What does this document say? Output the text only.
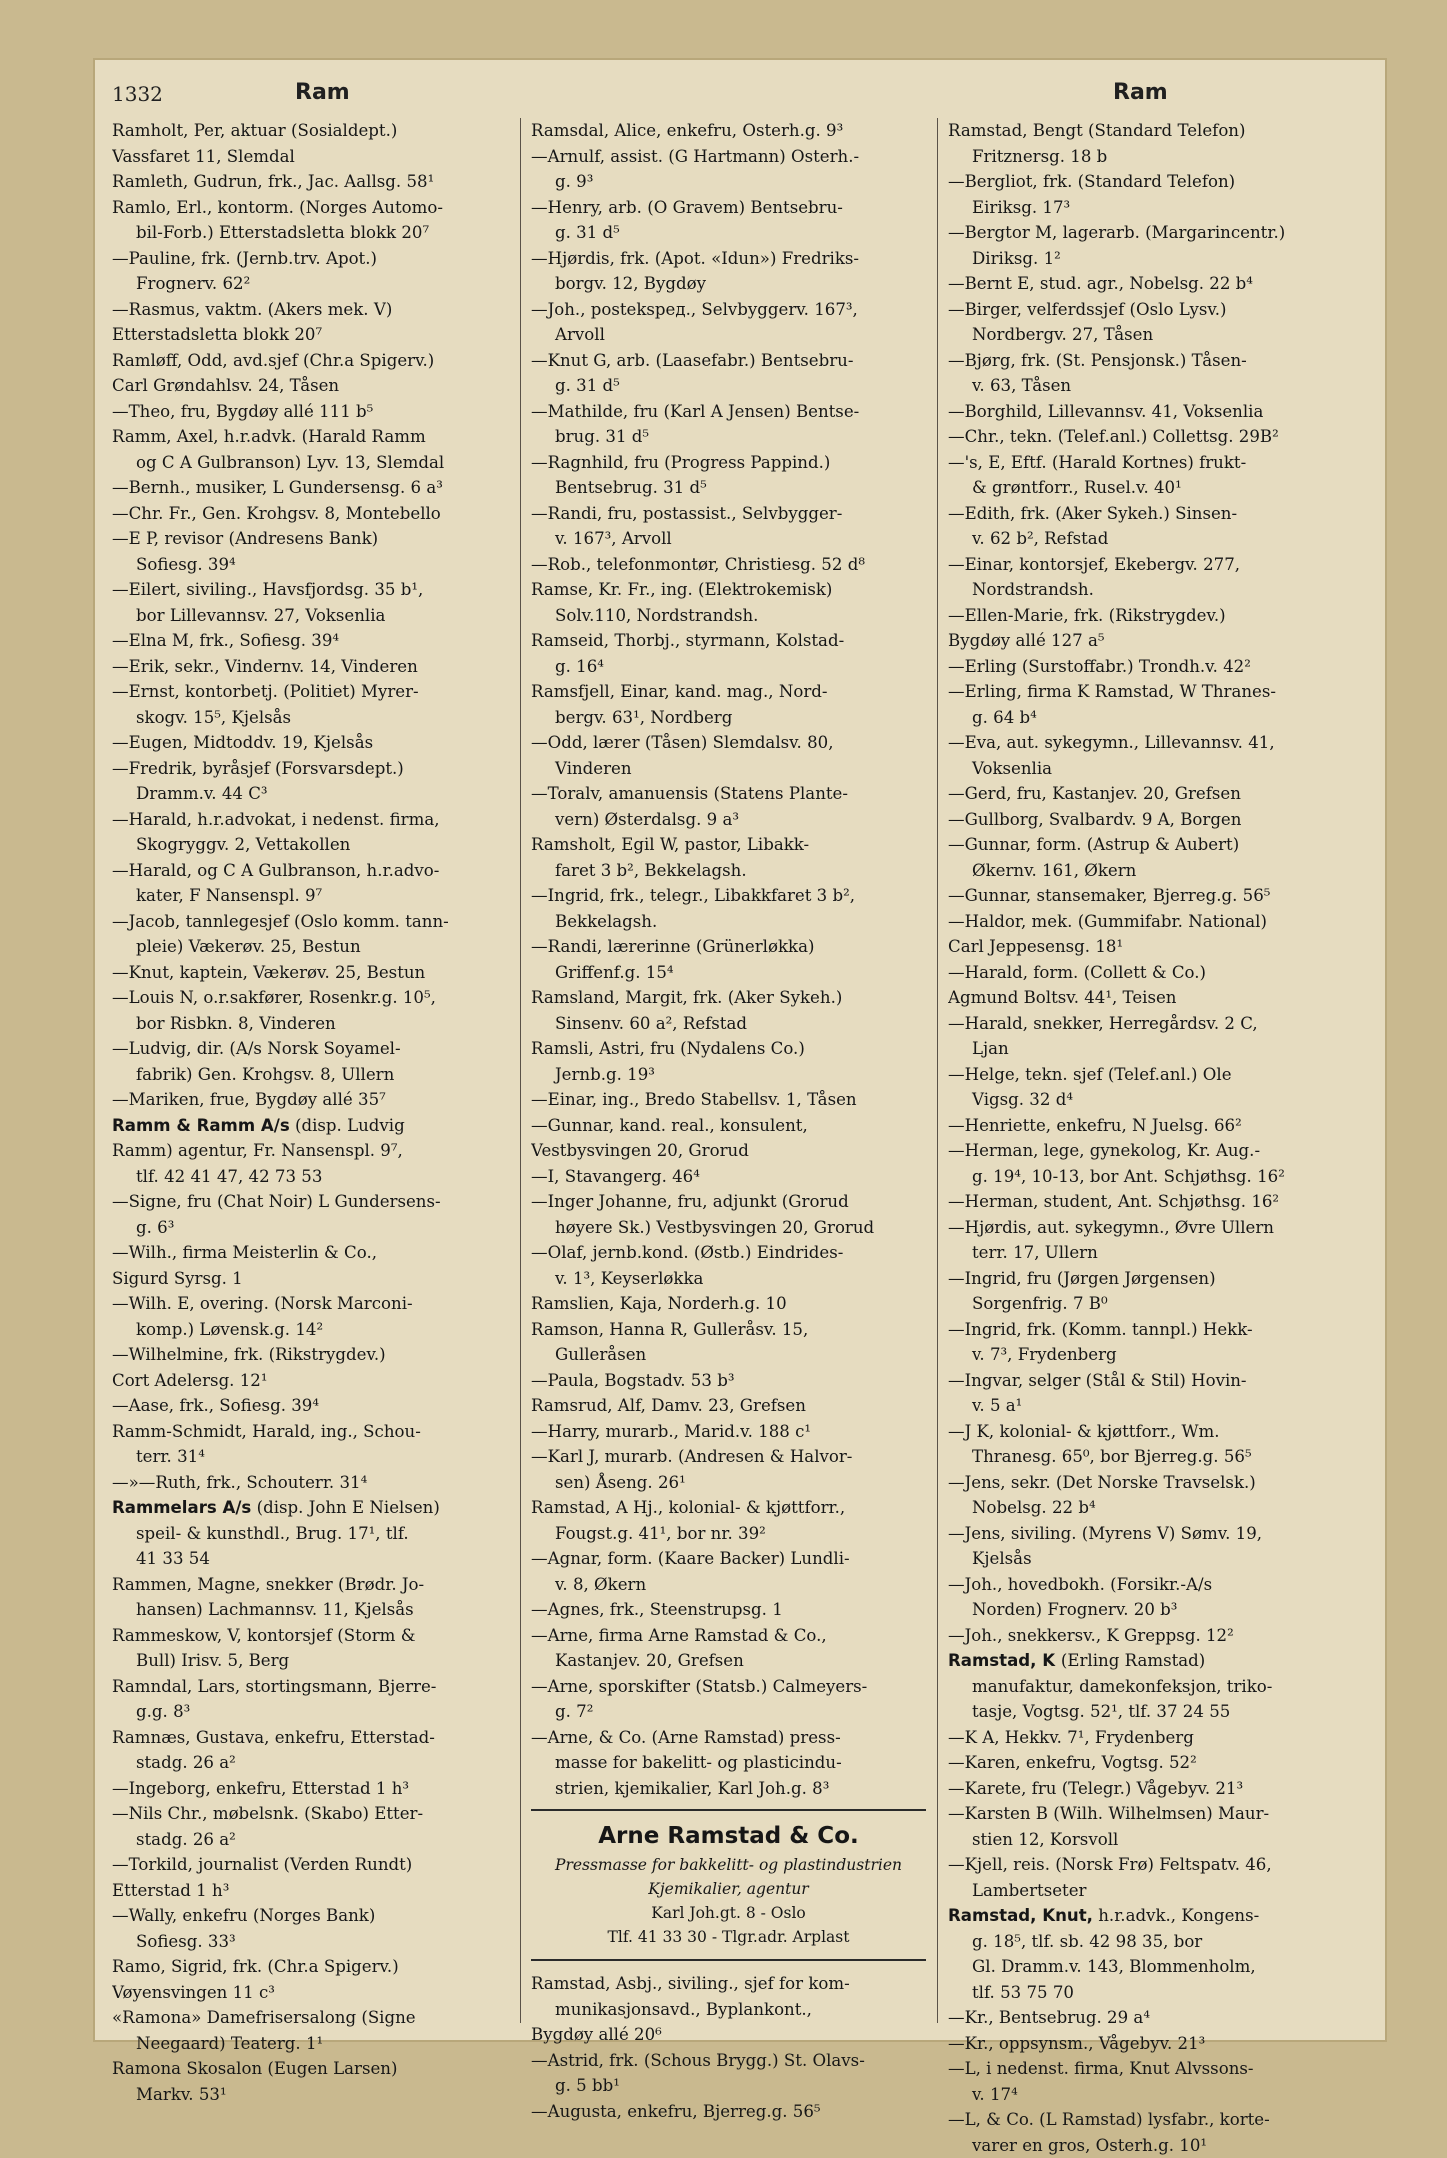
1332	Ram	Ram
Ramholt, Per, aktuar (Sosialdept.)
Vassfaret 11, Slemdal
Ramleth, Gudrun, frk., Jac. Aallsg. 58¹
Ramlo, Erl., kontorm. (Norges Automo-
bil-Forb.) Etterstadsletta blokk 20⁷
—Pauline, frk. (Jernb.trv. Apot.)
Frognerv. 62²
—Rasmus, vaktm. (Akers mek. V)
Etterstadsletta blokk 20⁷
Ramløff, Odd, avd.sjef (Chr.a Spigerv.)
Carl Grøndahlsv. 24, Tåsen
—Theo, fru, Bygdøy allé 111 b⁵
Ramm, Axel, h.r.advk. (Harald Ramm
og C A Gulbranson) Lyv. 13, Slemdal
—Bernh., musiker, L Gundersensg. 6 a³
—Chr. Fr., Gen. Krohgsv. 8, Montebello
—E P, revisor (Andresens Bank)
Sofiesg. 39⁴
—Eilert, siviling., Havsfjordsg. 35 b¹,
bor Lillevannsv. 27, Voksenlia
—Elna M, frk., Sofiesg. 39⁴
—Erik, sekr., Vindernv. 14, Vinderen
—Ernst, kontorbetj. (Politiet) Myrer-
skogv. 15⁵, Kjelsås
—Eugen, Midtoddv. 19, Kjelsås
—Fredrik, byråsjef (Forsvarsdept.)
Dramm.v. 44 C³
—Harald, h.r.advokat, i nedenst. firma,
Skogryggv. 2, Vettakollen
—Harald, og C A Gulbranson, h.r.advo-
kater, F Nansenspl. 9⁷
—Jacob, tannlegesjef (Oslo komm. tann-
pleie) Vækerøv. 25, Bestun
—Knut, kaptein, Vækerøv. 25, Bestun
—Louis N, o.r.sakfører, Rosenkr.g. 10⁵,
bor Risbkn. 8, Vinderen
—Ludvig, dir. (A/s Norsk Soyamel-
fabrik) Gen. Krohgsv. 8, Ullern
—Mariken, frue, Bygdøy allé 35⁷
Ramm & Ramm A/s (disp. Ludvig
Ramm) agentur, Fr. Nansenspl. 9⁷,
tlf. 42 41 47, 42 73 53
—Signe, fru (Chat Noir) L Gundersens-
g. 6³
—Wilh., firma Meisterlin & Co.,
Sigurd Syrsg. 1
—Wilh. E, overing. (Norsk Marconi-
komp.) Løvensk.g. 14²
—Wilhelmine, frk. (Rikstrygdev.)
Cort Adelersg. 12¹
—Aase, frk., Sofiesg. 39⁴
Ramm-Schmidt, Harald, ing., Schou-
terr. 31⁴
—»—Ruth, frk., Schouterr. 31⁴
Rammelars A/s (disp. John E Nielsen)
speil- & kunsthdl., Brug. 17¹, tlf.
41 33 54
Rammen, Magne, snekker (Brødr. Jo-
hansen) Lachmannsv. 11, Kjelsås
Rammeskow, V, kontorsjef (Storm &
Bull) Irisv. 5, Berg
Ramndal, Lars, stortingsmann, Bjerre-
g.g. 8³
Ramnæs, Gustava, enkefru, Etterstad-
stadg. 26 a²
—Ingeborg, enkefru, Etterstad 1 h³
—Nils Chr., møbelsnk. (Skabo) Etter-
stadg. 26 a²
—Torkild, journalist (Verden Rundt)
Etterstad 1 h³
—Wally, enkefru (Norges Bank)
Sofiesg. 33³
Ramo, Sigrid, frk. (Chr.a Spigerv.)
Vøyensvingen 11 c³
«Ramona» Damefrisersalong (Signe
Neegaard) Teaterg. 1¹
Ramona Skosalon (Eugen Larsen)
Markv. 53¹
Ramsdal, Alice, enkefru, Osterh.g. 9³
—Arnulf, assist. (G Hartmann) Osterh.-
g. 9³
—Henry, arb. (O Gravem) Bentsebru-
g. 31 d⁵
—Hjørdis, frk. (Apot. «Idun») Fredriks-
borgv. 12, Bygdøy
—Joh., postekspeд., Selvbyggerv. 167³,
Arvoll
—Knut G, arb. (Laasefabr.) Bentsebru-
g. 31 d⁵
—Mathilde, fru (Karl A Jensen) Bentse-
brug. 31 d⁵
—Ragnhild, fru (Progress Pappind.)
Bentsebrug. 31 d⁵
—Randi, fru, postassist., Selvbygger-
v. 167³, Arvoll
—Rob., telefonmontør, Christiesg. 52 d⁸
Ramse, Kr. Fr., ing. (Elektrokemisk)
Solv.110, Nordstrandsh.
Ramseid, Thorbj., styrmann, Kolstad-
g. 16⁴
Ramsfjell, Einar, kand. mag., Nord-
bergv. 63¹, Nordberg
—Odd, lærer (Tåsen) Slemdalsv. 80,
Vinderen
—Toralv, amanuensis (Statens Plante-
vern) Østerdalsg. 9 a³
Ramsholt, Egil W, pastor, Libakk-
faret 3 b², Bekkelagsh.
—Ingrid, frk., telegr., Libakkfaret 3 b²,
Bekkelagsh.
—Randi, lærerinne (Grünerløkka)
Griffenf.g. 15⁴
Ramsland, Margit, frk. (Aker Sykeh.)
Sinsenv. 60 a², Refstad
Ramsli, Astri, fru (Nydalens Co.)
Jernb.g. 19³
—Einar, ing., Bredo Stabellsv. 1, Tåsen
—Gunnar, kand. real., konsulent,
Vestbysvingen 20, Grorud
—I, Stavangerg. 46⁴
—Inger Johanne, fru, adjunkt (Grorud
høyere Sk.) Vestbysvingen 20, Grorud
—Olaf, jernb.kond. (Østb.) Eindrides-
v. 1³, Keyserløkka
Ramslien, Kaja, Norderh.g. 10
Ramson, Hanna R, Gulleråsv. 15,
Gulleråsen
—Paula, Bogstadv. 53 b³
Ramsrud, Alf, Damv. 23, Grefsen
—Harry, murarb., Marid.v. 188 c¹
—Karl J, murarb. (Andresen & Halvor-
sen) Åseng. 26¹
Ramstad, A Hj., kolonial- & kjøttforr.,
Fougst.g. 41¹, bor nr. 39²
—Agnar, form. (Kaare Backer) Lundli-
v. 8, Økern
—Agnes, frk., Steenstrupsg. 1
—Arne, firma Arne Ramstad & Co.,
Kastanjev. 20, Grefsen
—Arne, sporskifter (Statsb.) Calmeyers-
g. 7²
—Arne, & Co. (Arne Ramstad) press-
masse for bakelitt- og plasticindu-
strien, kjemikalier, Karl Joh.g. 8³
Arne Ramstad & Co.
Pressmasse for bakkelitt- og plastindustrien
Kjemikalier, agentur
Karl Joh.gt. 8 - Oslo
Tlf. 41 33 30 - Tlgr.adr. Arplast
Ramstad, Asbj., siviling., sjef for kom-
munikasjonsavd., Byplankont.,
Bygdøy allé 20⁶
—Astrid, frk. (Schous Brygg.) St. Olavs-
g. 5 bb¹
—Augusta, enkefru, Bjerreg.g. 56⁵
Ramstad, Bengt (Standard Telefon)
Fritznersg. 18 b
—Bergliot, frk. (Standard Telefon)
Eiriksg. 17³
—Bergtor M, lagerarb. (Margarincentr.)
Diriksg. 1²
—Bernt E, stud. agr., Nobelsg. 22 b⁴
—Birger, velferdssjef (Oslo Lysv.)
Nordbergv. 27, Tåsen
—Bjørg, frk. (St. Pensjonsk.) Tåsen-
v. 63, Tåsen
—Borghild, Lillevannsv. 41, Voksenlia
—Chr., tekn. (Telef.anl.) Collettsg. 29B²
—'s, E, Eftf. (Harald Kortnes) frukt-
& grøntforr., Rusel.v. 40¹
—Edith, frk. (Aker Sykeh.) Sinsen-
v. 62 b², Refstad
—Einar, kontorsjef, Ekebergv. 277,
Nordstrandsh.
—Ellen-Marie, frk. (Rikstrygdev.)
Bygdøy allé 127 a⁵
—Erling (Surstoffabr.) Trondh.v. 42²
—Erling, firma K Ramstad, W Thranes-
g. 64 b⁴
—Eva, aut. sykegymn., Lillevannsv. 41,
Voksenlia
—Gerd, fru, Kastanjev. 20, Grefsen
—Gullborg, Svalbardv. 9 A, Borgen
—Gunnar, form. (Astrup & Aubert)
Økernv. 161, Økern
—Gunnar, stansemaker, Bjerreg.g. 56⁵
—Haldor, mek. (Gummifabr. National)
Carl Jeppesensg. 18¹
—Harald, form. (Collett & Co.)
Agmund Boltsv. 44¹, Teisen
—Harald, snekker, Herregårdsv. 2 C,
Ljan
—Helge, tekn. sjef (Telef.anl.) Ole
Vigsg. 32 d⁴
—Henriette, enkefru, N Juelsg. 66²
—Herman, lege, gynekolog, Kr. Aug.-
g. 19⁴, 10-13, bor Ant. Schjøthsg. 16²
—Herman, student, Ant. Schjøthsg. 16²
—Hjørdis, aut. sykegymn., Øvre Ullern
terr. 17, Ullern
—Ingrid, fru (Jørgen Jørgensen)
Sorgenfrig. 7 B⁰
—Ingrid, frk. (Komm. tannpl.) Hekk-
v. 7³, Frydenberg
—Ingvar, selger (Stål & Stil) Hovin-
v. 5 a¹
—J K, kolonial- & kjøttforr., Wm.
Thranesg. 65⁰, bor Bjerreg.g. 56⁵
—Jens, sekr. (Det Norske Travselsk.)
Nobelsg. 22 b⁴
—Jens, siviling. (Myrens V) Sømv. 19,
Kjelsås
—Joh., hovedbokh. (Forsikr.-A/s
Norden) Frognerv. 20 b³
—Joh., snekkersv., K Greppsg. 12²
Ramstad, K (Erling Ramstad)
manufaktur, damekonfeksjon, triko-
tasje, Vogtsg. 52¹, tlf. 37 24 55
—K A, Hekkv. 7¹, Frydenberg
—Karen, enkefru, Vogtsg. 52²
—Karete, fru (Telegr.) Vågebyv. 21³
—Karsten B (Wilh. Wilhelmsen) Maur-
stien 12, Korsvoll
—Kjell, reis. (Norsk Frø) Feltspatv. 46,
Lambertseter
Ramstad, Knut, h.r.advk., Kongens-
g. 18⁵, tlf. sb. 42 98 35, bor
Gl. Dramm.v. 143, Blommenholm,
tlf. 53 75 70
—Kr., Bentsebrug. 29 a⁴
—Kr., oppsynsm., Vågebyv. 21³
—L, i nedenst. firma, Knut Alvssons-
v. 17⁴
—L, & Co. (L Ramstad) lysfabr., korte-
varer en gros, Osterh.g. 10¹
